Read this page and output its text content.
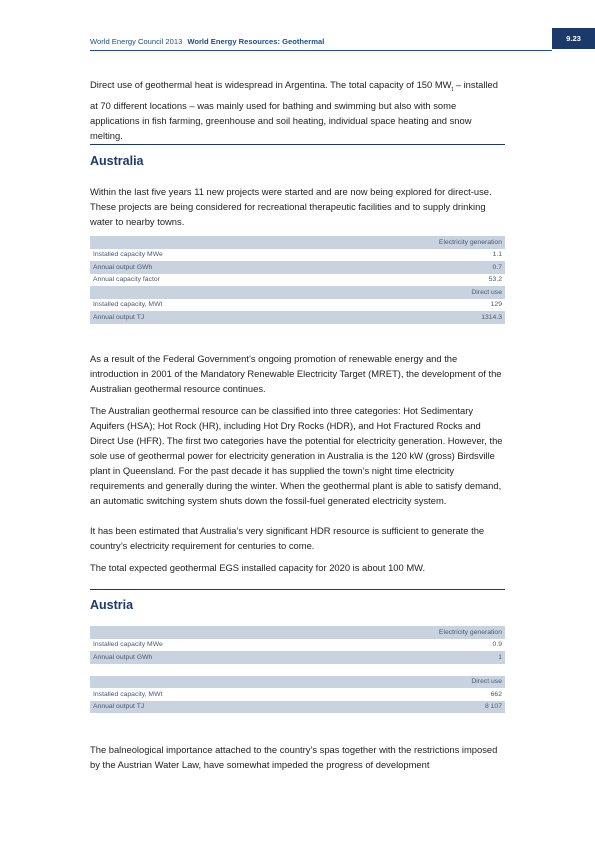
World Energy Council 2013 World Energy Resources: Geothermal	9.23

Direct use of geothermal heat is widespread in Argentina. The total capacity of 150 $MW_t$ – installed at 70 different locations – was mainly used for bathing and swimming but also with some applications in fish farming, greenhouse and soil heating, individual space heating and snow melting.

Australia

Within the last five years 11 new projects were started and are now being explored for direct-use. These projects are being considered for recreational therapeutic facilities and to supply drinking water to nearby towns.

Electricity generation	
Installed capacity MWe	1.1
Annual output GWh	0.7
Annual capacity factor	53.2
Direct use	
Installed capacity, MWt	129
Annual output TJ	1314.3

As a result of the Federal Government’s ongoing promotion of renewable energy and the introduction in 2001 of the Mandatory Renewable Electricity Target (MRET), the development of the Australian geothermal resource continues.

The Australian geothermal resource can be classified into three categories: Hot Sedimentary Aquifers (HSA); Hot Rock (HR), including Hot Dry Rocks (HDR), and Hot Fractured Rocks and Direct Use (HFR). The first two categories have the potential for electricity generation. However, the sole use of geothermal power for electricity generation in Australia is the 120 kW (gross) Birdsville plant in Queensland. For the past decade it has supplied the town’s night time electricity requirements and generally during the winter. When the geothermal plant is able to satisfy demand, an automatic switching system shuts down the fossil-fuel generated electricity system.

It has been estimated that Australia’s very significant HDR resource is sufficient to generate the country’s electricity requirement for centuries to come.

The total expected geothermal EGS installed capacity for 2020 is about 100 MW.

Austria
Electricity generation	
Installed capacity MWe	0.9
Annual output GWh	1

Direct use	
Installed capacity, MWt	662
Annual output TJ	8 107

The balneological importance attached to the country’s spas together with the restrictions imposed by the Austrian Water Law, have somewhat impeded the progress of development
